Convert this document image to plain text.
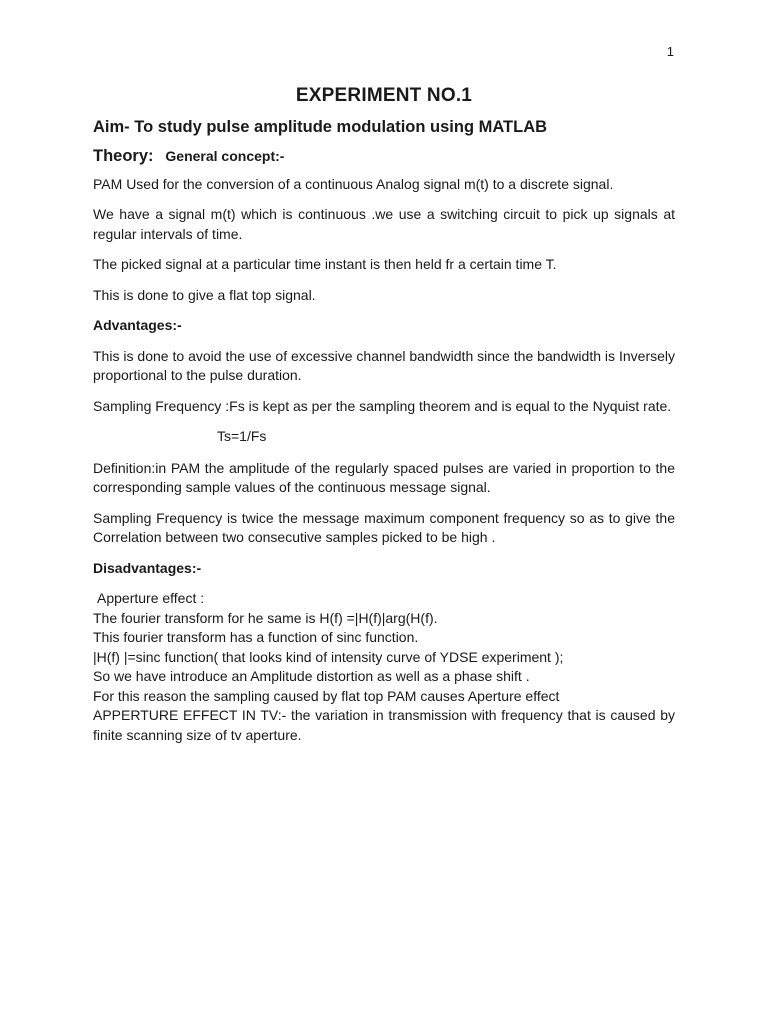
1
EXPERIMENT NO.1
Aim- To study pulse amplitude modulation using MATLAB
Theory: General concept:-

PAM Used for the conversion of a continuous Analog signal m(t) to a discrete signal.

We have a signal m(t) which is continuous .we use a switching circuit to pick up signals at regular intervals of time.

The picked signal at a particular time instant is then held fr a certain time T.

This is done to give a flat top signal.

Advantages:-

This is done to avoid the use of excessive channel bandwidth since the bandwidth is Inversely proportional to the pulse duration.

Sampling Frequency :Fs is kept as per the sampling theorem and is equal to the Nyquist rate.

Ts=1/Fs

Definition:in PAM the amplitude of the regularly spaced pulses are varied in proportion to the corresponding sample values of the continuous message signal.

Sampling Frequency is twice the message maximum component frequency so as to give the Correlation between two consecutive samples picked to be high .

Disadvantages:-
Apperture effect :
The fourier transform for he same is H(f) =|H(f)|arg(H(f).
This fourier transform has a function of sinc function.
|H(f) |=sinc function( that looks kind of intensity curve of YDSE experiment );
So we have introduce an Amplitude distortion as well as a phase shift .
For this reason the sampling caused by flat top PAM causes Aperture effect
APPERTURE EFFECT IN TV:- the variation in transmission with frequency that is caused by finite scanning size of tv aperture.
